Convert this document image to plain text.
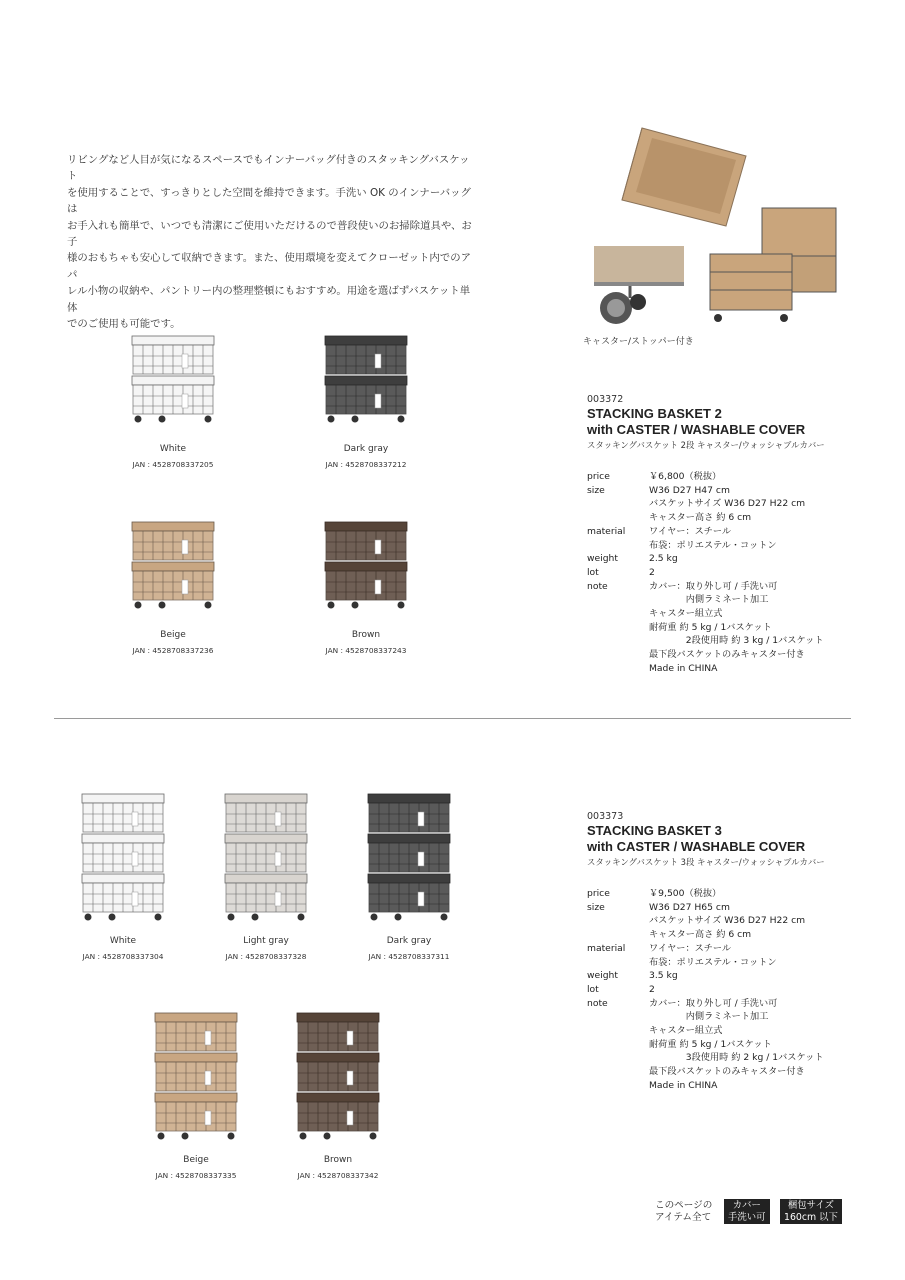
リビングなど人目が気になるスペースでもインナーバッグ付きのスタッキングバスケット
を使用することで、すっきりとした空間を維持できます。手洗い OK のインナーバッグは
お手入れも簡単で、いつでも清潔にご使用いただけるので普段使いのお掃除道具や、お子
様のおもちゃも安心して収納できます。また、使用環境を変えてクローゼット内でのアパ
レル小物の収納や、パントリー内の整理整頓にもおすすめ。用途を選ばずバスケット単体
でのご使用も可能です。
キャスター/ストッパー付き
White
JAN : 4528708337205
Dark gray
JAN : 4528708337212
Beige
JAN : 4528708337236
Brown
JAN : 4528708337243
003372
STACKING BASKET 2
with CASTER / WASHABLE COVER
スタッキングバスケット 2段 キャスター/ウォッシャブルカバー
price	￥6,800（税抜）
size	W36 D27 H47 cm
バスケットサイズ W36 D27 H22 cm
キャスター高さ 約 6 cm
material	ワイヤー：スチール
布袋：ポリエステル・コットン
weight	2.5 kg
lot	2
note	カバー：取り外し可 / 手洗い可
　　　　内側ラミネート加工
キャスター組立式
耐荷重 約 5 kg / 1バスケット
　　　　2段使用時 約 3 kg / 1バスケット
最下段バスケットのみキャスター付き
Made in CHINA
White
JAN : 4528708337304
Light gray
JAN : 4528708337328
Dark gray
JAN : 4528708337311
Beige
JAN : 4528708337335
Brown
JAN : 4528708337342
003373
STACKING BASKET 3
with CASTER / WASHABLE COVER
スタッキングバスケット 3段 キャスター/ウォッシャブルカバー
price	￥9,500（税抜）
size	W36 D27 H65 cm
バスケットサイズ W36 D27 H22 cm
キャスター高さ 約 6 cm
material	ワイヤー：スチール
布袋：ポリエステル・コットン
weight	3.5 kg
lot	2
note	カバー：取り外し可 / 手洗い可
　　　　内側ラミネート加工
キャスター組立式
耐荷重 約 5 kg / 1バスケット
　　　　3段使用時 約 2 kg / 1バスケット
最下段バスケットのみキャスター付き
Made in CHINA
このページの
アイテム全て
カバー
手洗い可
梱包サイズ
160cm 以下
